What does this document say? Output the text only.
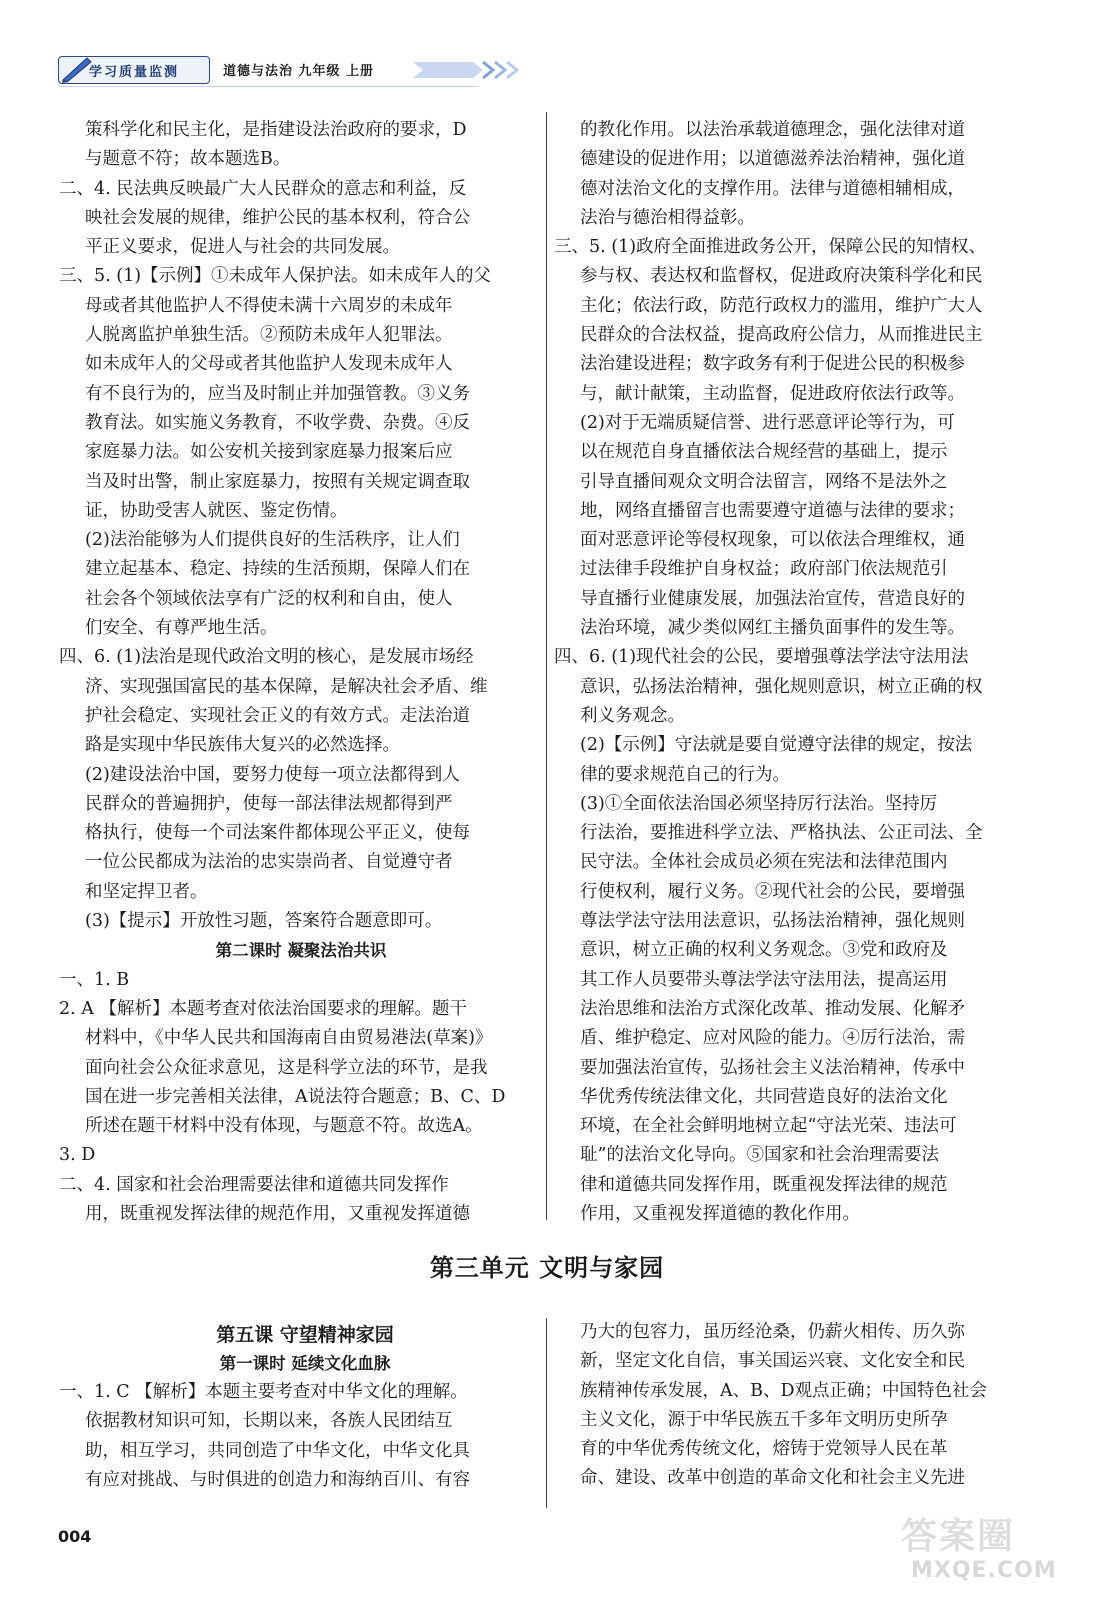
学习质量监测	道德与法治 九年级 上册
策科学化和民主化，是指建设法治政府的要求，D
与题意不符；故本题选B。
二、4. 民法典反映最广大人民群众的意志和利益，反
映社会发展的规律，维护公民的基本权利，符合公
平正义要求，促进人与社会的共同发展。
三、5. (1)【示例】①未成年人保护法。如未成年人的父
母或者其他监护人不得使未满十六周岁的未成年
人脱离监护单独生活。②预防未成年人犯罪法。
如未成年人的父母或者其他监护人发现未成年人
有不良行为的，应当及时制止并加强管教。③义务
教育法。如实施义务教育，不收学费、杂费。④反
家庭暴力法。如公安机关接到家庭暴力报案后应
当及时出警，制止家庭暴力，按照有关规定调查取
证，协助受害人就医、鉴定伤情。
(2)法治能够为人们提供良好的生活秩序，让人们
建立起基本、稳定、持续的生活预期，保障人们在
社会各个领域依法享有广泛的权利和自由，使人
们安全、有尊严地生活。
四、6. (1)法治是现代政治文明的核心，是发展市场经
济、实现强国富民的基本保障，是解决社会矛盾、维
护社会稳定、实现社会正义的有效方式。走法治道
路是实现中华民族伟大复兴的必然选择。
(2)建设法治中国，要努力使每一项立法都得到人
民群众的普遍拥护，使每一部法律法规都得到严
格执行，使每一个司法案件都体现公平正义，使每
一位公民都成为法治的忠实崇尚者、自觉遵守者
和坚定捍卫者。
(3)【提示】开放性习题，答案符合题意即可。
第二课时 凝聚法治共识
一、1. B
2. A 【解析】本题考查对依法治国要求的理解。题干
材料中，《中华人民共和国海南自由贸易港法(草案)》
面向社会公众征求意见，这是科学立法的环节，是我
国在进一步完善相关法律，A说法符合题意；B、C、D
所述在题干材料中没有体现，与题意不符。故选A。
3. D
二、4. 国家和社会治理需要法律和道德共同发挥作
用，既重视发挥法律的规范作用，又重视发挥道德
的教化作用。以法治承载道德理念，强化法律对道
德建设的促进作用；以道德滋养法治精神，强化道
德对法治文化的支撑作用。法律与道德相辅相成，
法治与德治相得益彰。
三、5. (1)政府全面推进政务公开，保障公民的知情权、
参与权、表达权和监督权，促进政府决策科学化和民
主化；依法行政，防范行政权力的滥用，维护广大人
民群众的合法权益，提高政府公信力，从而推进民主
法治建设进程；数字政务有利于促进公民的积极参
与，献计献策，主动监督，促进政府依法行政等。
(2)对于无端质疑信誉、进行恶意评论等行为，可
以在规范自身直播依法合规经营的基础上，提示
引导直播间观众文明合法留言，网络不是法外之
地，网络直播留言也需要遵守道德与法律的要求；
面对恶意评论等侵权现象，可以依法合理维权，通
过法律手段维护自身权益；政府部门依法规范引
导直播行业健康发展，加强法治宣传，营造良好的
法治环境，减少类似网红主播负面事件的发生等。
四、6. (1)现代社会的公民，要增强尊法学法守法用法
意识，弘扬法治精神，强化规则意识，树立正确的权
利义务观念。
(2)【示例】守法就是要自觉遵守法律的规定，按法
律的要求规范自己的行为。
(3)①全面依法治国必须坚持厉行法治。坚持厉
行法治，要推进科学立法、严格执法、公正司法、全
民守法。全体社会成员必须在宪法和法律范围内
行使权利，履行义务。②现代社会的公民，要增强
尊法学法守法用法意识，弘扬法治精神，强化规则
意识，树立正确的权利义务观念。③党和政府及
其工作人员要带头尊法学法守法用法，提高运用
法治思维和法治方式深化改革、推动发展、化解矛
盾、维护稳定、应对风险的能力。④厉行法治，需
要加强法治宣传，弘扬社会主义法治精神，传承中
华优秀传统法律文化，共同营造良好的法治文化
环境，在全社会鲜明地树立起“守法光荣、违法可
耻”的法治文化导向。⑤国家和社会治理需要法
律和道德共同发挥作用，既重视发挥法律的规范
作用，又重视发挥道德的教化作用。
第三单元 文明与家园
第五课 守望精神家园
第一课时 延续文化血脉
一、1. C 【解析】本题主要考查对中华文化的理解。
依据教材知识可知，长期以来，各族人民团结互
助，相互学习，共同创造了中华文化，中华文化具
有应对挑战、与时俱进的创造力和海纳百川、有容
乃大的包容力，虽历经沧桑，仍薪火相传、历久弥
新，坚定文化自信，事关国运兴衰、文化安全和民
族精神传承发展，A、B、D观点正确；中国特色社会
主义文化，源于中华民族五千多年文明历史所孕
育的中华优秀传统文化，熔铸于党领导人民在革
命、建设、改革中创造的革命文化和社会主义先进
004	答案圈
MXQE.COM
